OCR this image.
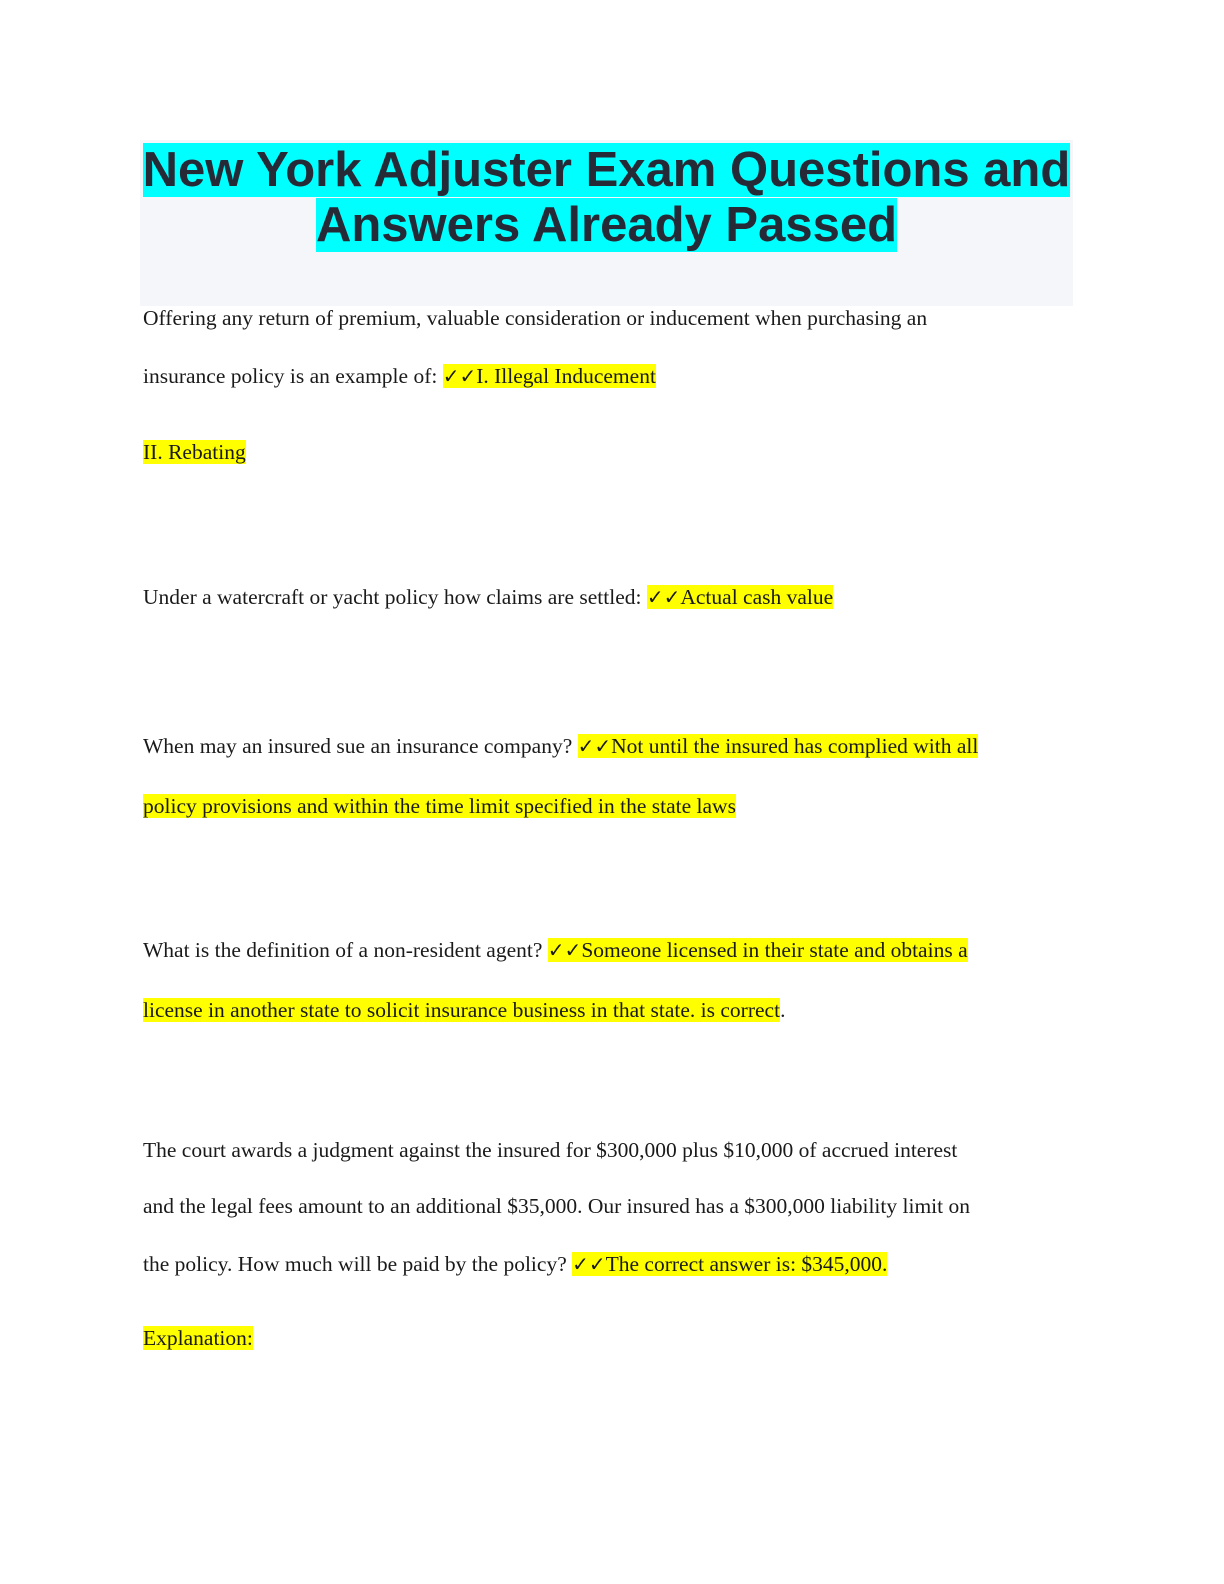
New York Adjuster Exam Questions and
Answers Already Passed

Offering any return of premium, valuable consideration or inducement when purchasing an

insurance policy is an example of: ✓✓I. Illegal Inducement

II. Rebating

Under a watercraft or yacht policy how claims are settled: ✓✓Actual cash value

When may an insured sue an insurance company? ✓✓Not until the insured has complied with all

policy provisions and within the time limit specified in the state laws

What is the definition of a non-resident agent? ✓✓Someone licensed in their state and obtains a

license in another state to solicit insurance business in that state. is correct.

The court awards a judgment against the insured for $300,000 plus $10,000 of accrued interest

and the legal fees amount to an additional $35,000. Our insured has a $300,000 liability limit on

the policy. How much will be paid by the policy? ✓✓The correct answer is: $345,000.

Explanation:
